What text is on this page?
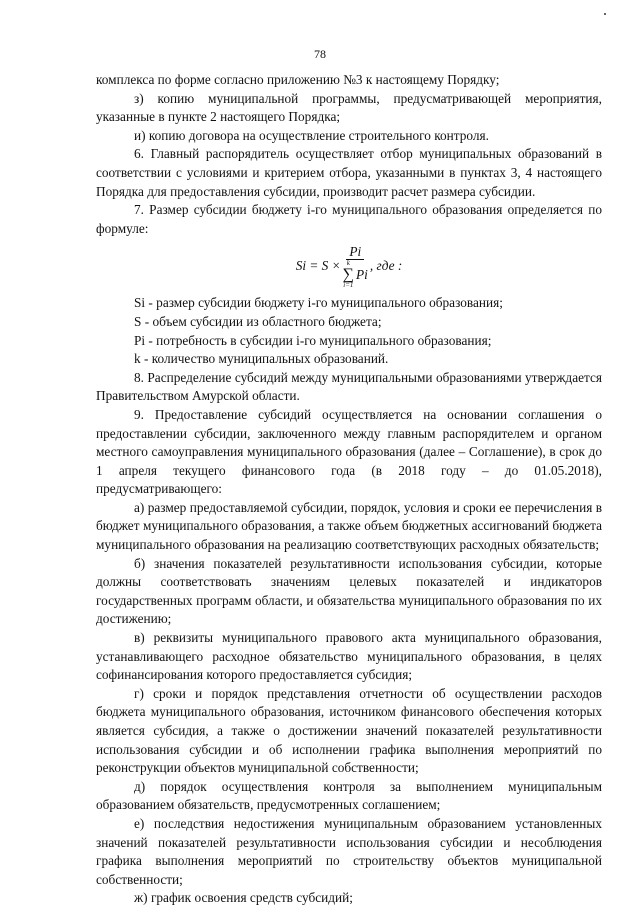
78

комплекса по форме согласно приложению №3 к настоящему Порядку;

з) копию муниципальной программы, предусматривающей мероприятия, указанные в пункте 2 настоящего Порядка;

и) копию договора на осуществление строительного контроля.

6. Главный распорядитель осуществляет отбор муниципальных образований в соответствии с условиями и критерием отбора, указанными в пунктах 3, 4 настоящего Порядка для предоставления субсидии, производит расчет размера субсидии.

7. Размер субсидии бюджету i-го муниципального образования определяется по формуле:

Si = S × Pi
k
∑
i=1
Pi , где :

Si - размер субсидии бюджету i-го муниципального образования;

S - объем субсидии из областного бюджета;

Pi - потребность в субсидии i-го муниципального образования;

k - количество муниципальных образований.

8. Распределение субсидий между муниципальными образованиями утверждается Правительством Амурской области.

9. Предоставление субсидий осуществляется на основании соглашения о предоставлении субсидии, заключенного между главным распорядителем и органом местного самоуправления муниципального образования (далее – Соглашение), в срок до 1 апреля текущего финансового года (в 2018 году – до 01.05.2018), предусматривающего:

а) размер предоставляемой субсидии, порядок, условия и сроки ее перечисления в бюджет муниципального образования, а также объем бюджетных ассигнований бюджета муниципального образования на реализацию соответствующих расходных обязательств;

б) значения показателей результативности использования субсидии, которые должны соответствовать значениям целевых показателей и индикаторов государственных программ области, и обязательства муниципального образования по их достижению;

в) реквизиты муниципального правового акта муниципального образования, устанавливающего расходное обязательство муниципального образования, в целях софинансирования которого предоставляется субсидия;

г) сроки и порядок представления отчетности об осуществлении расходов бюджета муниципального образования, источником финансового обеспечения которых является субсидия, а также о достижении значений показателей результативности использования субсидии и об исполнении графика выполнения мероприятий по реконструкции объектов муниципальной собственности;

д) порядок осуществления контроля за выполнением муниципальным образованием обязательств, предусмотренных соглашением;

е) последствия недостижения муниципальным образованием установленных значений показателей результативности использования субсидии и несоблюдения графика выполнения мероприятий по строительству объектов муниципальной собственности;

ж) график освоения средств субсидий;
